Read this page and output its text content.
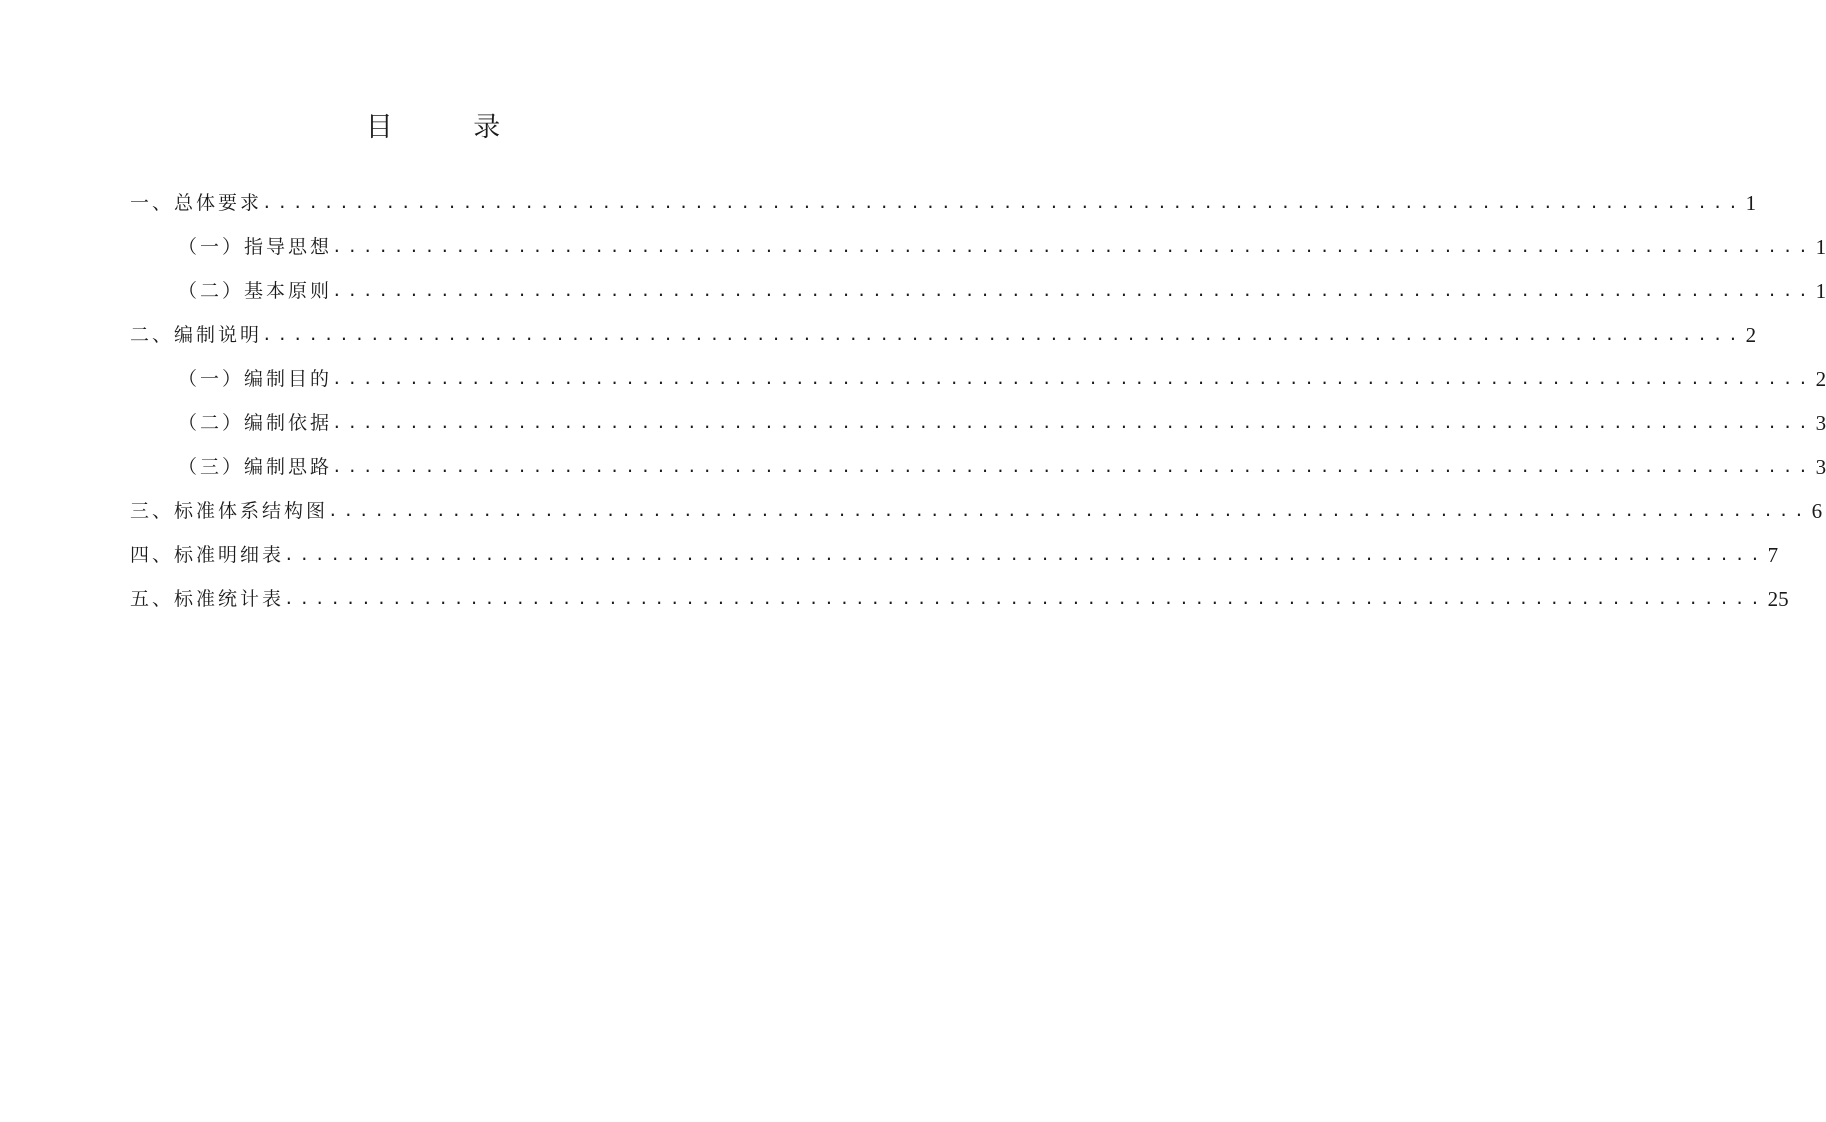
目 录
一、总体要求 ................................................................................................ 1
（一）指导思想 ................................................................................................ 1
（二）基本原则 ................................................................................................ 1
二、编制说明 ................................................................................................ 2
（一）编制目的 ................................................................................................ 2
（二）编制依据 ................................................................................................ 3
（三）编制思路 ................................................................................................ 3
三、标准体系结构图 ................................................................................................ 6
四、标准明细表 ................................................................................................ 7
五、标准统计表 ................................................................................................ 25
